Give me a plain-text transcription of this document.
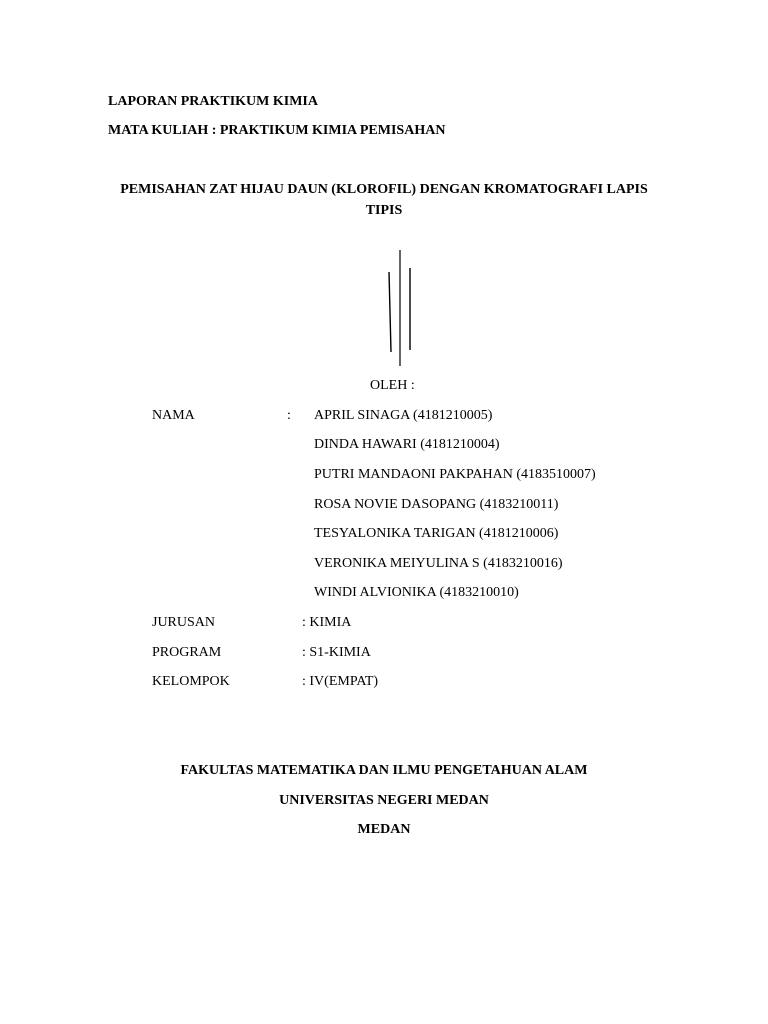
LAPORAN PRAKTIKUM KIMIA
MATA KULIAH : PRAKTIKUM KIMIA PEMISAHAN
PEMISAHAN ZAT HIJAU DAUN (KLOROFIL) DENGAN KROMATOGRAFI LAPIS
TIPIS
OLEH :
NAMA	: APRIL SINAGA (4181210005)
DINDA HAWARI (4181210004)
PUTRI MANDAONI PAKPAHAN (4183510007)
ROSA NOVIE DASOPANG (4183210011)
TESYALONIKA TARIGAN (4181210006)
VERONIKA MEIYULINA S (4183210016)
WINDI ALVIONIKA (4183210010)
JURUSAN	: KIMIA
PROGRAM	: S1-KIMIA
KELOMPOK	: IV(EMPAT)
FAKULTAS MATEMATIKA DAN ILMU PENGETAHUAN ALAM
UNIVERSITAS NEGERI MEDAN
MEDAN
